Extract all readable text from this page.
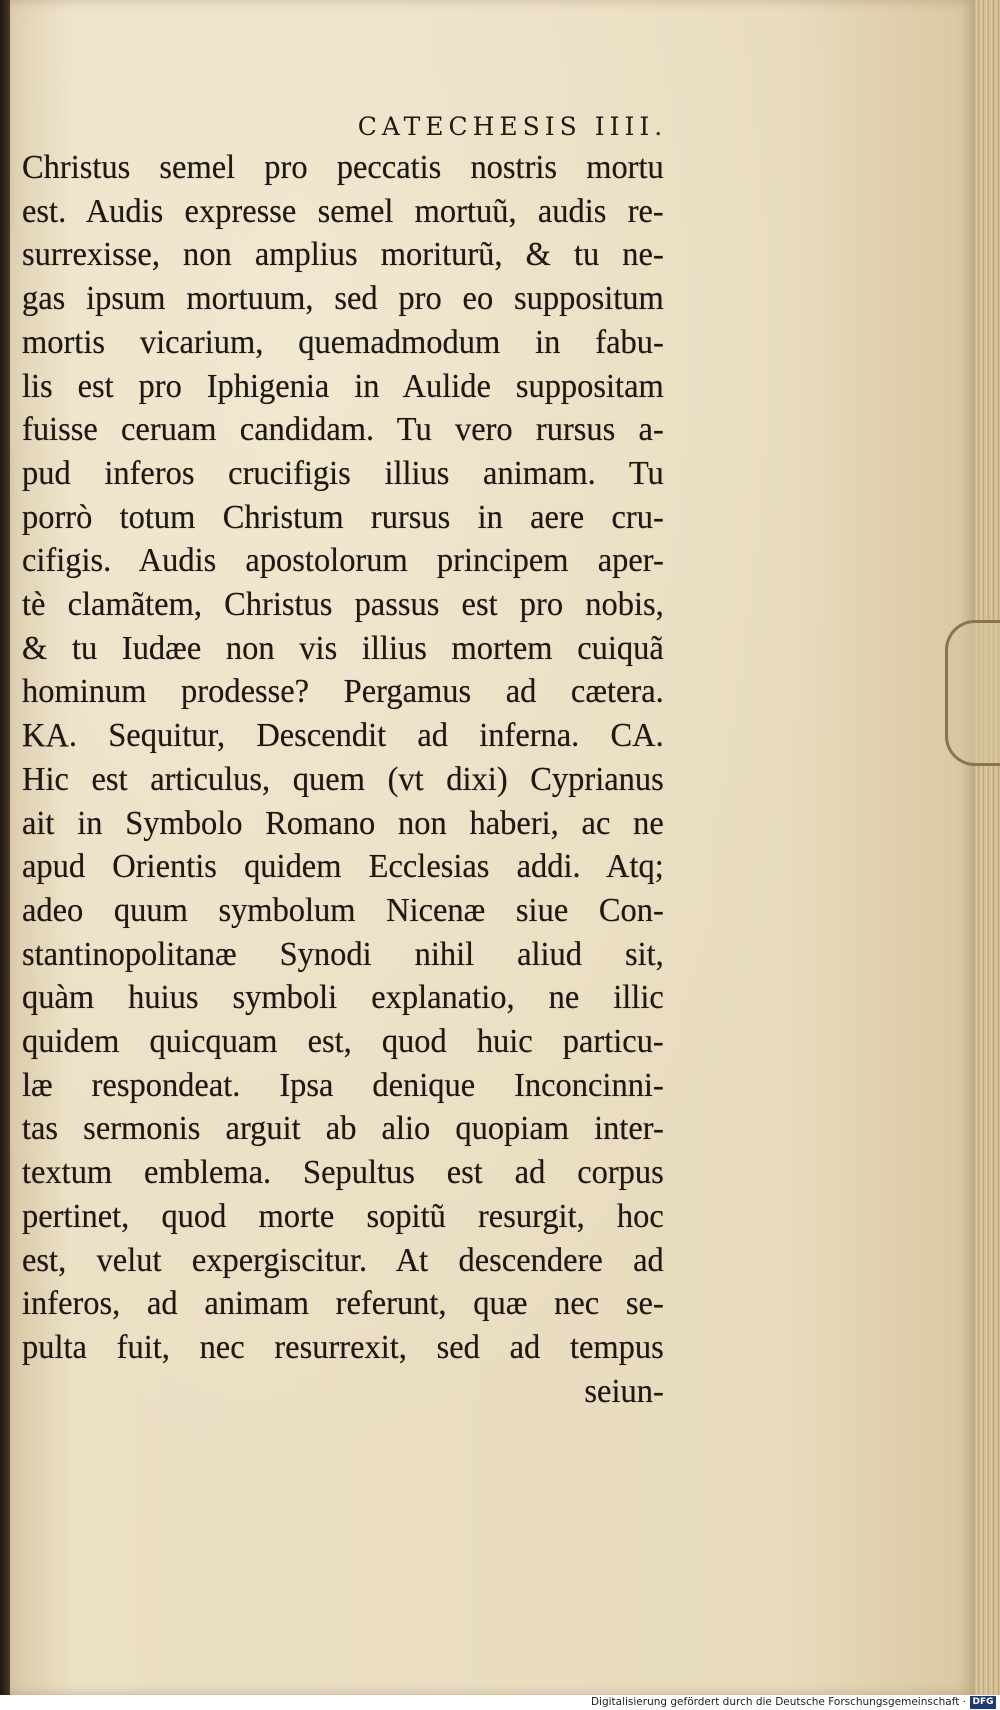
CATECHESIS IIII.
Christus semel pro peccatis nostris mortu
est. Audis expresse semel mortuũ, audis re-
surrexisse, non amplius moriturũ, & tu ne-
gas ipsum mortuum, sed pro eo suppositum
mortis vicarium, quemadmodum in fabu-
lis est pro Iphigenia in Aulide suppositam
fuisse ceruam candidam. Tu vero rursus a-
pud inferos crucifigis illius animam. Tu
porrò totum Christum rursus in aere cru-
cifigis. Audis apostolorum principem aper-
tè clamãtem, Christus passus est pro nobis,
& tu Iudæe non vis illius mortem cuiquã
hominum prodesse? Pergamus ad cætera.
ΚΑ. Sequitur, Descendit ad inferna. CA.
Hic est articulus, quem (vt dixi) Cyprianus
ait in Symbolo Romano non haberi, ac ne
apud Orientis quidem Ecclesias addi. Atq;
adeo quum symbolum Nicenæ siue Con-
stantinopolitanæ Synodi nihil aliud sit,
quàm huius symboli explanatio, ne illic
quidem quicquam est, quod huic particu-
læ respondeat. Ipsa denique Inconcinni-
tas sermonis arguit ab alio quopiam inter-
textum emblema. Sepultus est ad corpus
pertinet, quod morte sopitũ resurgit, hoc
est, velut expergiscitur. At descendere ad
inferos, ad animam referunt, quæ nec se-
pulta fuit, nec resurrexit, sed ad tempus
seiun-
Digitalisierung gefördert durch die Deutsche Forschungsgemeinschaft · DFG
